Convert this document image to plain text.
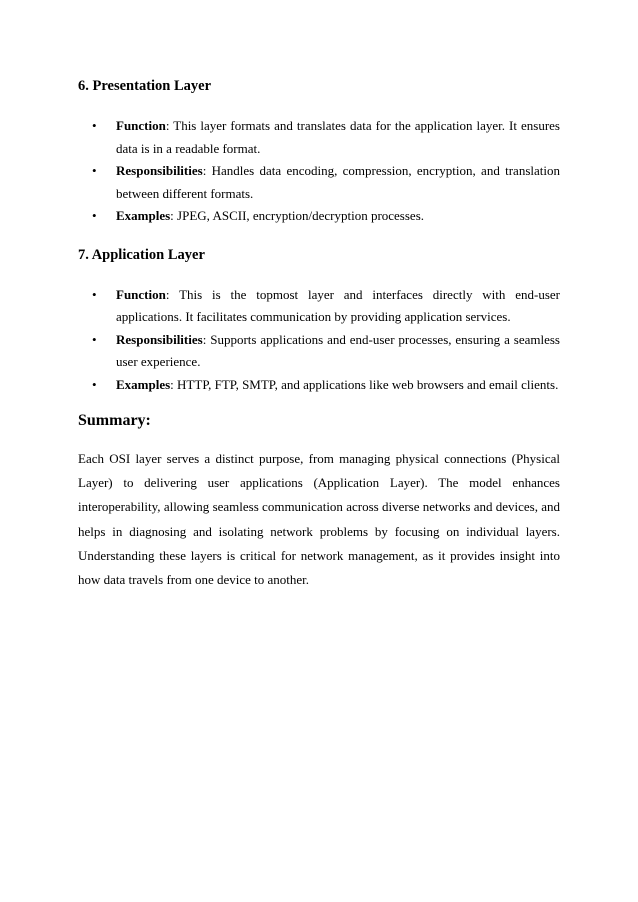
6. Presentation Layer
• Function: This layer formats and translates data for the application layer. It ensures data is in a readable format.
• Responsibilities: Handles data encoding, compression, encryption, and translation between different formats.
• Examples: JPEG, ASCII, encryption/decryption processes.
7. Application Layer
• Function: This is the topmost layer and interfaces directly with end-user applications. It facilitates communication by providing application services.
• Responsibilities: Supports applications and end-user processes, ensuring a seamless user experience.
• Examples: HTTP, FTP, SMTP, and applications like web browsers and email clients.
Summary:

Each OSI layer serves a distinct purpose, from managing physical connections (Physical Layer) to delivering user applications (Application Layer). The model enhances interoperability, allowing seamless communication across diverse networks and devices, and helps in diagnosing and isolating network problems by focusing on individual layers. Understanding these layers is critical for network management, as it provides insight into how data travels from one device to another.
